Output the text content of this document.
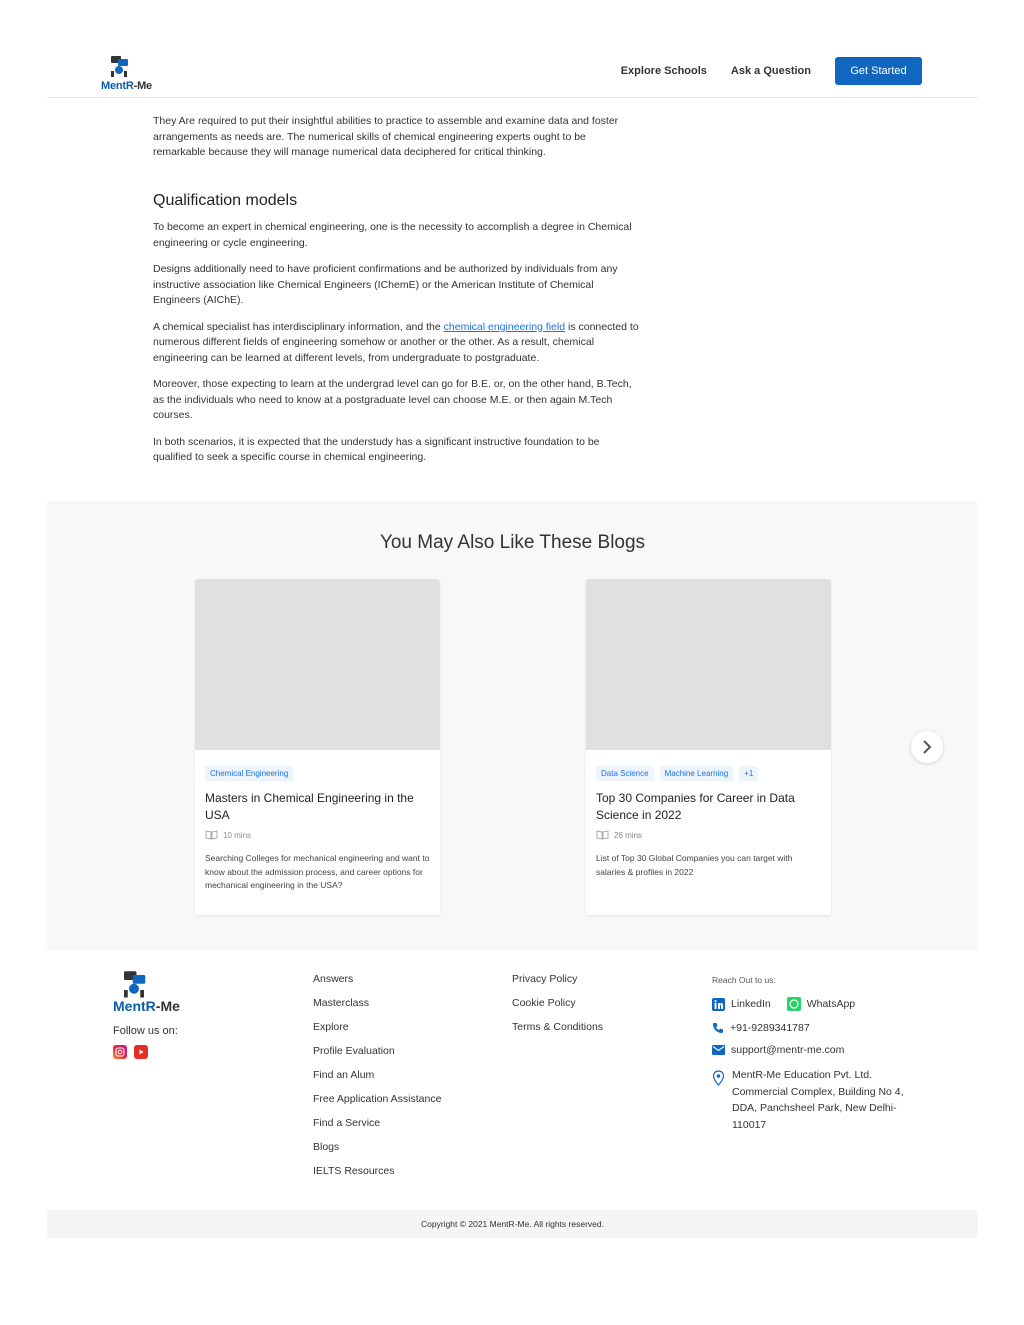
MentR-Me
Explore Schools Ask a Question	Get Started

They Are required to put their insightful abilities to practice to assemble and examine data and foster arrangements as needs are. The numerical skills of chemical engineering experts ought to be remarkable because they will manage numerical data deciphered for critical thinking.

Qualification models

To become an expert in chemical engineering, one is the necessity to accomplish a degree in Chemical engineering or cycle engineering.

Designs additionally need to have proficient confirmations and be authorized by individuals from any instructive association like Chemical Engineers (IChemE) or the American Institute of Chemical Engineers (AIChE).

A chemical specialist has interdisciplinary information, and the chemical engineering field is connected to numerous different fields of engineering somehow or another or the other. As a result, chemical engineering can be learned at different levels, from undergraduate to postgraduate.

Moreover, those expecting to learn at the undergrad level can go for B.E. or, on the other hand, B.Tech, as the individuals who need to know at a postgraduate level can choose M.E. or then again M.Tech courses.

In both scenarios, it is expected that the understudy has a significant instructive foundation to be qualified to seek a specific course in chemical engineering.

You May Also Like These Blogs
Chemical Engineering
Masters in Chemical Engineering in the USA
10 mins
Searching Colleges for mechanical engineering and want to know about the admission process, and career options for mechanical engineering in the USA?
Data Science	Machine Learning	+1
Top 30 Companies for Career in Data Science in 2022
26 mins
List of Top 30 Global Companies you can target with salaries & profiles in 2022
MentR-Me
Follow us on:
Answers
Masterclass
Explore
Profile Evaluation
Find an Alum
Free Application Assistance
Find a Service
Blogs
IELTS Resources
Privacy Policy
Cookie Policy
Terms & Conditions
Reach Out to us:
LinkedIn	WhatsApp
+91-9289341787
support@mentr-me.com
MentR-Me Education Pvt. Ltd. Commercial Complex, Building No 4, DDA, Panchsheel Park, New Delhi-110017
Copyright © 2021 MentR-Me. All rights reserved.
